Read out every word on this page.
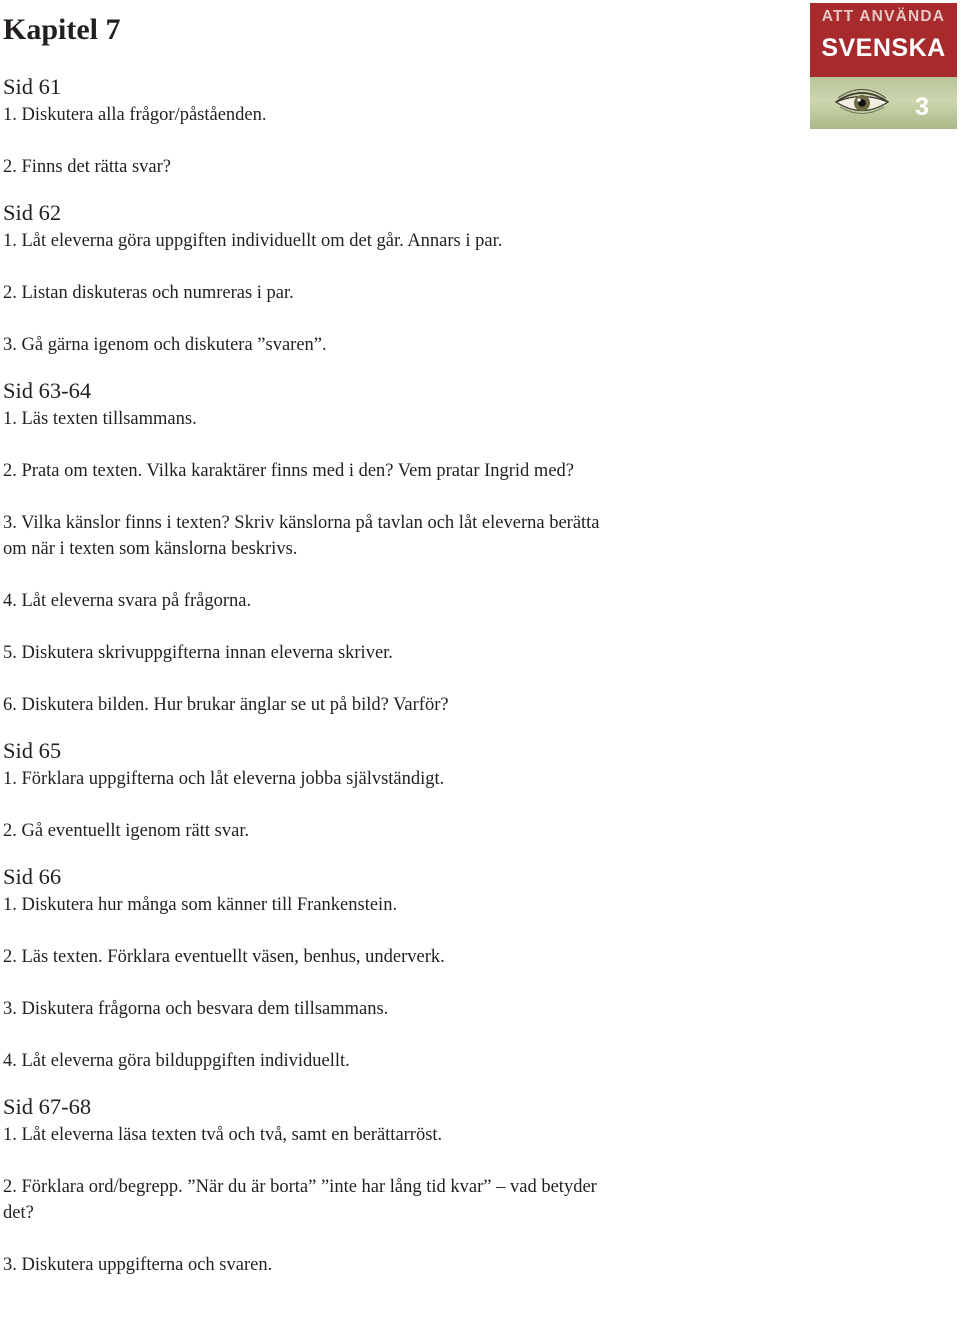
Kapitel 7	ATT ANVÄNDA
SVENSKA
3
Sid 61

1. Diskutera alla frågor/påståenden.

2. Finns det rätta svar?

Sid 62

1. Låt eleverna göra uppgiften individuellt om det går. Annars i par.

2. Listan diskuteras och numreras i par.

3. Gå gärna igenom och diskutera ”svaren”.

Sid 63-64

1. Läs texten tillsammans.

2. Prata om texten. Vilka karaktärer finns med i den? Vem pratar Ingrid med?

3. Vilka känslor finns i texten? Skriv känslorna på tavlan och låt eleverna berätta om när i texten som känslorna beskrivs.

4. Låt eleverna svara på frågorna.

5. Diskutera skrivuppgifterna innan eleverna skriver.

6. Diskutera bilden. Hur brukar änglar se ut på bild? Varför?

Sid 65

1. Förklara uppgifterna och låt eleverna jobba självständigt.

2. Gå eventuellt igenom rätt svar.

Sid 66

1. Diskutera hur många som känner till Frankenstein.

2. Läs texten. Förklara eventuellt väsen, benhus, underverk.

3. Diskutera frågorna och besvara dem tillsammans.

4. Låt eleverna göra bilduppgiften individuellt.

Sid 67-68

1. Låt eleverna läsa texten två och två, samt en berättarröst.

2. Förklara ord/begrepp. ”När du är borta” ”inte har lång tid kvar” – vad betyder det?

3. Diskutera uppgifterna och svaren.
